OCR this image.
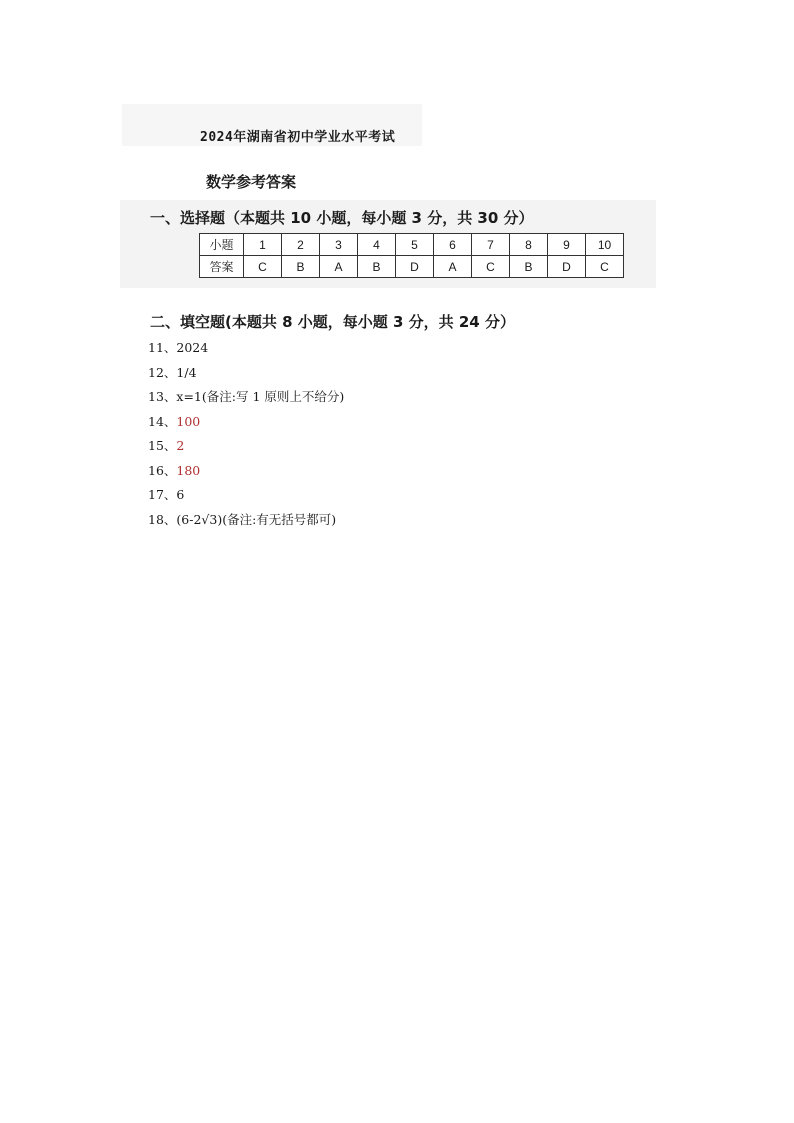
2024年湖南省初中学业水平考试
数学参考答案
一、选择题（本题共 10 小题，每小题 3 分，共 30 分）
小题	1	2	3	4	5	6	7	8	9	10
答案	C	B	A	B	D	A	C	B	D	C
二、填空题(本题共 8 小题，每小题 3 分，共 24 分）
11、2024
12、1/4
13、x=1(备注:写 1 原则上不给分)
14、100
15、2
16、180
17、6
18、(6-2√3)(备注:有无括号都可)
